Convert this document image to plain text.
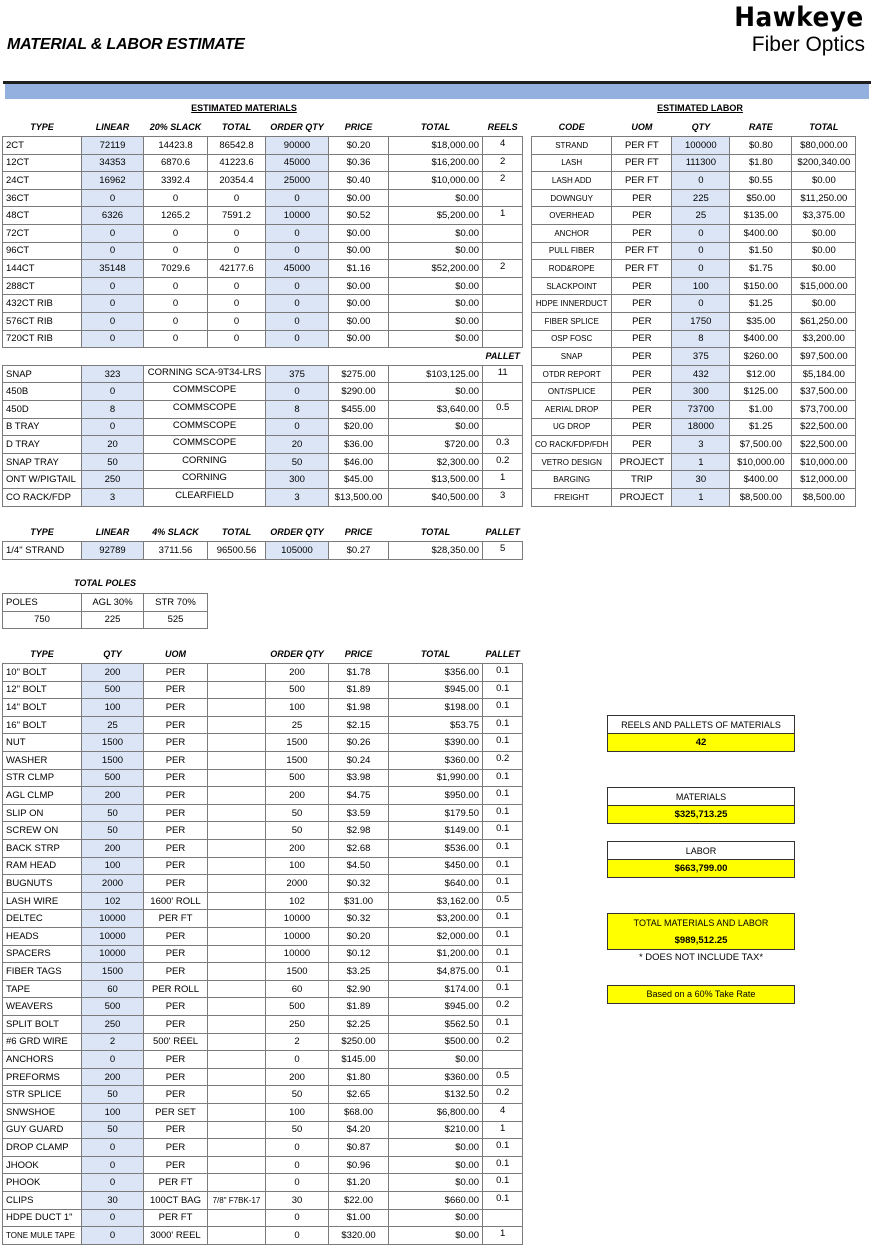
MATERIAL & LABOR ESTIMATE
Hawkeye
Fiber Optics
ESTIMATED MATERIALS	ESTIMATED LABOR
TYPE	LINEAR	20% SLACK	TOTAL	ORDER QTY	PRICE	TOTAL	REELS
2CT	72119	14423.8	86542.8	90000	$0.20	$18,000.00	4
12CT	34353	6870.6	41223.6	45000	$0.36	$16,200.00	2
24CT	16962	3392.4	20354.4	25000	$0.40	$10,000.00	2
36CT	0	0	0	0	$0.00	$0.00	
48CT	6326	1265.2	7591.2	10000	$0.52	$5,200.00	1
72CT	0	0	0	0	$0.00	$0.00	
96CT	0	0	0	0	$0.00	$0.00	
144CT	35148	7029.6	42177.6	45000	$1.16	$52,200.00	2
288CT	0	0	0	0	$0.00	$0.00	
432CT RIB	0	0	0	0	$0.00	$0.00	
576CT RIB	0	0	0	0	$0.00	$0.00	
720CT RIB	0	0	0	0	$0.00	$0.00	
							PALLET
SNAP	323	CORNING SCA-9T34-LRS		375	$275.00	$103,125.00	11
450B	0	COMMSCOPE		0	$290.00	$0.00	
450D	8	COMMSCOPE		8	$455.00	$3,640.00	0.5
B TRAY	0	COMMSCOPE		0	$20.00	$0.00	
D TRAY	20	COMMSCOPE		20	$36.00	$720.00	0.3
SNAP TRAY	50	CORNING		50	$46.00	$2,300.00	0.2
ONT W/PIGTAIL	250	CORNING		300	$45.00	$13,500.00	1
CO RACK/FDP	3	CLEARFIELD		3	$13,500.00	$40,500.00	3
CODE	UOM	QTY	RATE	TOTAL
STRAND	PER FT	100000	$0.80	$80,000.00
LASH	PER FT	111300	$1.80	$200,340.00
LASH ADD	PER FT	0	$0.55	$0.00
DOWNGUY	PER	225	$50.00	$11,250.00
OVERHEAD	PER	25	$135.00	$3,375.00
ANCHOR	PER	0	$400.00	$0.00
PULL FIBER	PER FT	0	$1.50	$0.00
ROD&ROPE	PER FT	0	$1.75	$0.00
SLACKPOINT	PER	100	$150.00	$15,000.00
HDPE INNERDUCT	PER	0	$1.25	$0.00
FIBER SPLICE	PER	1750	$35.00	$61,250.00
OSP FOSC	PER	8	$400.00	$3,200.00
SNAP	PER	375	$260.00	$97,500.00
OTDR REPORT	PER	432	$12.00	$5,184.00
ONT/SPLICE	PER	300	$125.00	$37,500.00
AERIAL DROP	PER	73700	$1.00	$73,700.00
UG DROP	PER	18000	$1.25	$22,500.00
CO RACK/FDP/FDH	PER	3	$7,500.00	$22,500.00
VETRO DESIGN	PROJECT	1	$10,000.00	$10,000.00
BARGING	TRIP	30	$400.00	$12,000.00
FREIGHT	PROJECT	1	$8,500.00	$8,500.00
TYPE	LINEAR	4% SLACK	TOTAL	ORDER QTY	PRICE	TOTAL	PALLET
1/4" STRAND	92789	3711.56	96500.56	105000	$0.27	$28,350.00	5
TOTAL POLES
POLES	AGL 30%	STR 70%
750	225	525
TYPE	QTY	UOM		ORDER QTY	PRICE	TOTAL	PALLET
10" BOLT	200	PER		200	$1.78	$356.00	0.1
12" BOLT	500	PER		500	$1.89	$945.00	0.1
14" BOLT	100	PER		100	$1.98	$198.00	0.1
16" BOLT	25	PER		25	$2.15	$53.75	0.1
NUT	1500	PER		1500	$0.26	$390.00	0.1
WASHER	1500	PER		1500	$0.24	$360.00	0.2
STR CLMP	500	PER		500	$3.98	$1,990.00	0.1
AGL CLMP	200	PER		200	$4.75	$950.00	0.1
SLIP ON	50	PER		50	$3.59	$179.50	0.1
SCREW ON	50	PER		50	$2.98	$149.00	0.1
BACK STRP	200	PER		200	$2.68	$536.00	0.1
RAM HEAD	100	PER		100	$4.50	$450.00	0.1
BUGNUTS	2000	PER		2000	$0.32	$640.00	0.1
LASH WIRE	102	1600' ROLL		102	$31.00	$3,162.00	0.5
DELTEC	10000	PER FT		10000	$0.32	$3,200.00	0.1
HEADS	10000	PER		10000	$0.20	$2,000.00	0.1
SPACERS	10000	PER		10000	$0.12	$1,200.00	0.1
FIBER TAGS	1500	PER		1500	$3.25	$4,875.00	0.1
TAPE	60	PER ROLL		60	$2.90	$174.00	0.1
WEAVERS	500	PER		500	$1.89	$945.00	0.2
SPLIT BOLT	250	PER		250	$2.25	$562.50	0.1
#6 GRD WIRE	2	500' REEL		2	$250.00	$500.00	0.2
ANCHORS	0	PER		0	$145.00	$0.00	
PREFORMS	200	PER		200	$1.80	$360.00	0.5
STR SPLICE	50	PER		50	$2.65	$132.50	0.2
SNWSHOE	100	PER SET		100	$68.00	$6,800.00	4
GUY GUARD	50	PER		50	$4.20	$210.00	1
DROP CLAMP	0	PER		0	$0.87	$0.00	0.1
JHOOK	0	PER		0	$0.96	$0.00	0.1
PHOOK	0	PER FT		0	$1.20	$0.00	0.1
CLIPS	30	100CT BAG	7/8" F7BK-17	30	$22.00	$660.00	0.1
HDPE DUCT 1"	0	PER FT		0	$1.00	$0.00	
TONE MULE TAPE	0	3000' REEL		0	$320.00	$0.00	1
REELS AND PALLETS OF MATERIALS
42
MATERIALS
$325,713.25
LABOR
$663,799.00
TOTAL MATERIALS AND LABOR
$989,512.25
* DOES NOT INCLUDE TAX*
Based on a 60% Take Rate
